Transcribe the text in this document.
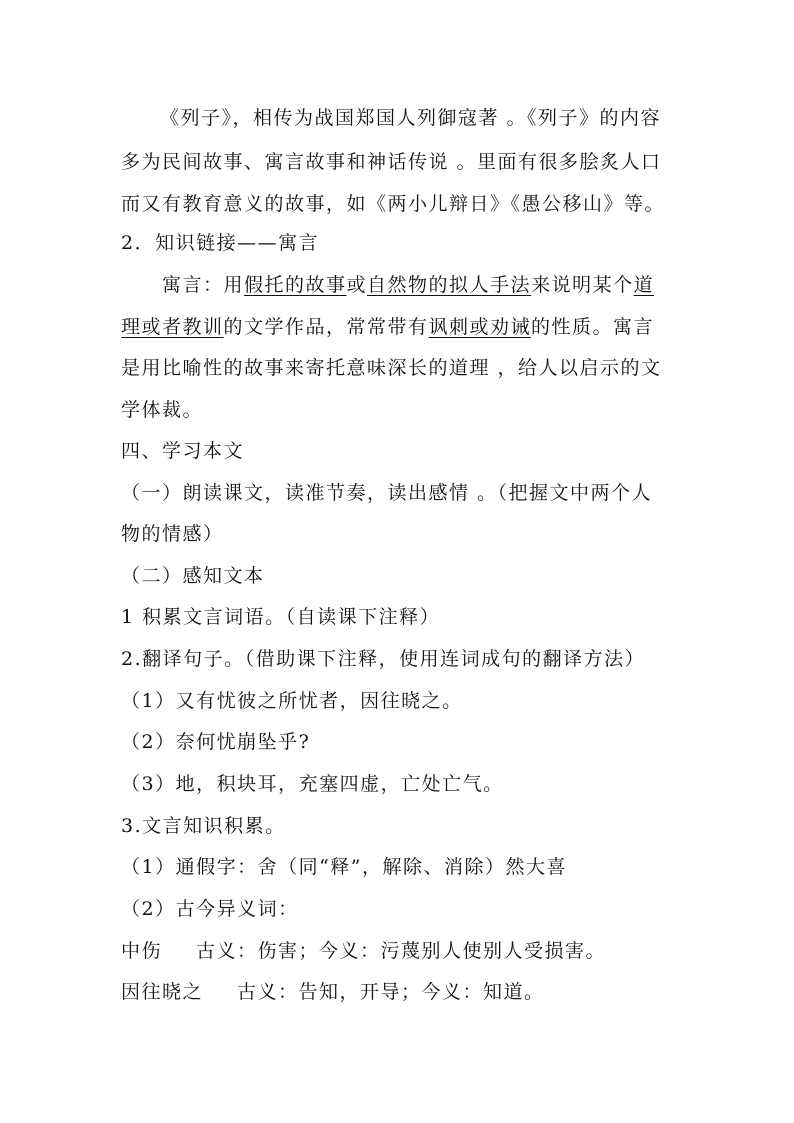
《列子》，相传为战国郑国人列御寇著 。《列子》的内容
多为民间故事、寓言故事和神话传说 。里面有很多脍炙人口
而又有教育意义的故事，如《两小儿辩日》《愚公移山》等。
2．知识链接——寓言
寓言：用假托的故事或自然物的拟人手法来说明某个道
理或者教训的文学作品，常常带有讽刺或劝诫的性质。寓言
是用比喻性的故事来寄托意味深长的道理 ，给人以启示的文
学体裁。
四、学习本文
（一）朗读课文，读准节奏，读出感情 。（把握文中两个人
物的情感）
（二）感知文本
1 积累文言词语。（自读课下注释）
2.翻译句子。（借助课下注释，使用连词成句的翻译方法）
（1）又有忧彼之所忧者，因往晓之。
（2）奈何忧崩坠乎?
（3）地，积块耳，充塞四虚，亡处亡气。
3.文言知识积累。
（1）通假字：舍（同“释”，解除、消除）然大喜
（2）古今异义词：
中伤 古义：伤害；今义：污蔑别人使别人受损害。
因往晓之 古义：告知，开导；今义：知道。
